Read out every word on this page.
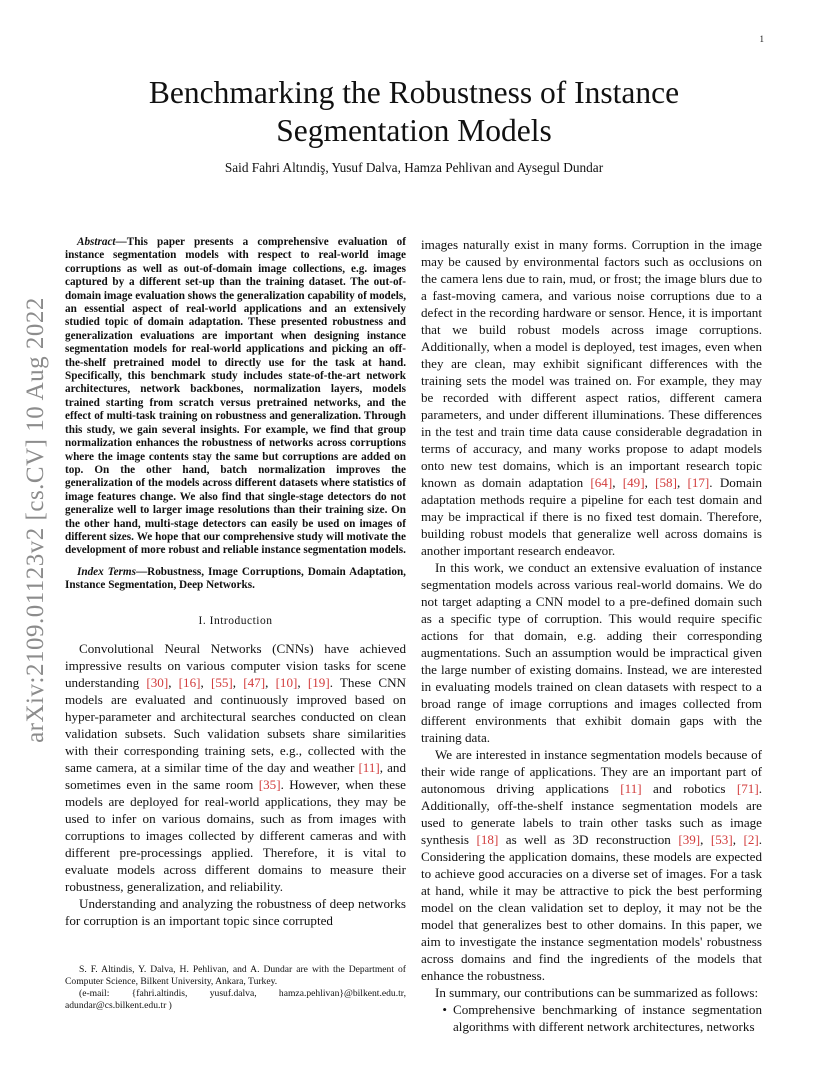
1
arXiv:2109.01123v2 [cs.CV] 10 Aug 2022
Benchmarking the Robustness of Instance Segmentation Models
Said Fahri Altındiş, Yusuf Dalva, Hamza Pehlivan and Aysegul Dundar

Abstract—This paper presents a comprehensive evaluation of instance segmentation models with respect to real-world image corruptions as well as out-of-domain image collections, e.g. images captured by a different set-up than the training dataset. The out-of-domain image evaluation shows the generalization capability of models, an essential aspect of real-world applications and an extensively studied topic of domain adaptation. These presented robustness and generalization evaluations are important when designing instance segmentation models for real-world applications and picking an off-the-shelf pretrained model to directly use for the task at hand. Specifically, this benchmark study includes state-of-the-art network architectures, network backbones, normalization layers, models trained starting from scratch versus pretrained networks, and the effect of multi-task training on robustness and generalization. Through this study, we gain several insights. For example, we find that group normalization enhances the robustness of networks across corruptions where the image contents stay the same but corruptions are added on top. On the other hand, batch normalization improves the generalization of the models across different datasets where statistics of image features change. We also find that single-stage detectors do not generalize well to larger image resolutions than their training size. On the other hand, multi-stage detectors can easily be used on images of different sizes. We hope that our comprehensive study will motivate the development of more robust and reliable instance segmentation models.

Index Terms—Robustness, Image Corruptions, Domain Adaptation, Instance Segmentation, Deep Networks.

I. Introduction

Convolutional Neural Networks (CNNs) have achieved impressive results on various computer vision tasks for scene understanding [30], [16], [55], [47], [10], [19]. These CNN models are evaluated and continuously improved based on hyper-parameter and architectural searches conducted on clean validation subsets. Such validation subsets share similarities with their corresponding training sets, e.g., collected with the same camera, at a similar time of the day and weather [11], and sometimes even in the same room [35]. However, when these models are deployed for real-world applications, they may be used to infer on various domains, such as from images with corruptions to images collected by different cameras and with different pre-processings applied. Therefore, it is vital to evaluate models across different domains to measure their robustness, generalization, and reliability.

Understanding and analyzing the robustness of deep networks for corruption is an important topic since corrupted

S. F. Altindis, Y. Dalva, H. Pehlivan, and A. Dundar are with the Department of Computer Science, Bilkent University, Ankara, Turkey.

(e-mail: {fahri.altindis, yusuf.dalva, hamza.pehlivan}@bilkent.edu.tr, adundar@cs.bilkent.edu.tr )

images naturally exist in many forms. Corruption in the image may be caused by environmental factors such as occlusions on the camera lens due to rain, mud, or frost; the image blurs due to a fast-moving camera, and various noise corruptions due to a defect in the recording hardware or sensor. Hence, it is important that we build robust models across image corruptions. Additionally, when a model is deployed, test images, even when they are clean, may exhibit significant differences with the training sets the model was trained on. For example, they may be recorded with different aspect ratios, different camera parameters, and under different illuminations. These differences in the test and train time data cause considerable degradation in terms of accuracy, and many works propose to adapt models onto new test domains, which is an important research topic known as domain adaptation [64], [49], [58], [17]. Domain adaptation methods require a pipeline for each test domain and may be impractical if there is no fixed test domain. Therefore, building robust models that generalize well across domains is another important research endeavor.

In this work, we conduct an extensive evaluation of instance segmentation models across various real-world domains. We do not target adapting a CNN model to a pre-defined domain such as a specific type of corruption. This would require specific actions for that domain, e.g. adding their corresponding augmentations. Such an assumption would be impractical given the large number of existing domains. Instead, we are interested in evaluating models trained on clean datasets with respect to a broad range of image corruptions and images collected from different environments that exhibit domain gaps with the training data.

We are interested in instance segmentation models because of their wide range of applications. They are an important part of autonomous driving applications [11] and robotics [71]. Additionally, off-the-shelf instance segmentation models are used to generate labels to train other tasks such as image synthesis [18] as well as 3D reconstruction [39], [53], [2]. Considering the application domains, these models are expected to achieve good accuracies on a diverse set of images. For a task at hand, while it may be attractive to pick the best performing model on the clean validation set to deploy, it may not be the model that generalizes best to other domains. In this paper, we aim to investigate the instance segmentation models' robustness across domains and find the ingredients of the models that enhance the robustness.

In summary, our contributions can be summarized as follows:

• Comprehensive benchmarking of instance segmentation algorithms with different network architectures, networks
